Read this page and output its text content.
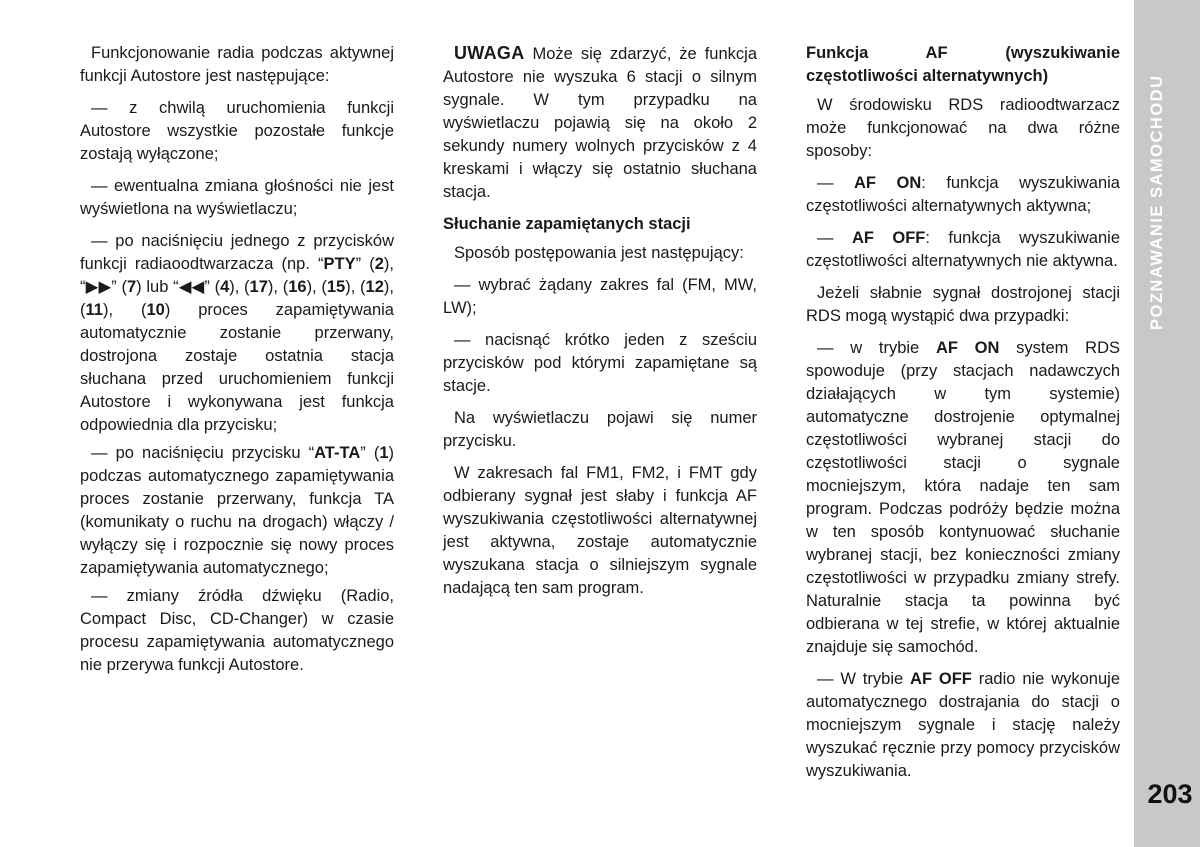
203

Funkcjonowanie radia podczas aktywnej funkcji Autostore jest następujące:

— z chwilą uruchomienia funkcji Autostore wszystkie pozostałe funkcje zostają wyłączone;

— ewentualna zmiana głośności nie jest wyświetlona na wyświetlaczu;

— po naciśnięciu jednego z przycisków funkcji radiaoodtwarzacza (np. “PTY” (2), “▶▶” (7) lub “◀◀” (4), (17), (16), (15), (12), (11), (10) proces zapamiętywania automatycznie zostanie przerwany, dostrojona zostaje ostatnia stacja słuchana przed uruchomieniem funkcji Autostore i wykonywana jest funkcja odpowiednia dla przycisku;

— po naciśnięciu przycisku “AT-TA” (1) podczas automatycznego zapamiętywania proces zostanie przerwany, funkcja TA (komunikaty o ruchu na drogach) włączy / wyłączy się i rozpocznie się nowy proces zapamiętywania automatycznego;

— zmiany źródła dźwięku (Radio, Compact Disc, CD-Changer) w czasie procesu zapamiętywania automatycznego nie przerywa funkcji Autostore.

UWAGA Może się zdarzyć, że funkcja Autostore nie wyszuka 6 stacji o silnym sygnale. W tym przypadku na wyświetlaczu pojawią się na około 2 sekundy numery wolnych przycisków z 4 kreskami i włączy się ostatnio słuchana stacja.

Słuchanie zapamiętanych stacji

Sposób postępowania jest następujący:

— wybrać żądany zakres fal (FM, MW, LW);

— nacisnąć krótko jeden z sześciu przycisków pod którymi zapamiętane są stacje.

Na wyświetlaczu pojawi się numer przycisku.

W zakresach fal FM1, FM2, i FMT gdy odbierany sygnał jest słaby i funkcja AF wyszukiwania częstotliwości alternatywnej jest aktywna, zostaje automatycznie wyszukana stacja o silniejszym sygnale nadającą ten sam program.

Funkcja AF (wyszukiwanie częstotliwości alternatywnych)

W środowisku RDS radioodtwarzacz może funkcjonować na dwa różne sposoby:

— AF ON: funkcja wyszukiwania częstotliwości alternatywnych aktywna;

— AF OFF: funkcja wyszukiwanie częstotliwości alternatywnych nie aktywna.

Jeżeli słabnie sygnał dostrojonej stacji RDS mogą wystąpić dwa przypadki:

— w trybie AF ON system RDS spowoduje (przy stacjach nadawczych działających w tym systemie) automatyczne dostrojenie optymalnej częstotliwości wybranej stacji do częstotliwości stacji o sygnale mocniejszym, która nadaje ten sam program. Podczas podróży będzie można w ten sposób kontynuować słuchanie wybranej stacji, bez konieczności zmiany częstotliwości w przypadku zmiany strefy. Naturalnie stacja ta powinna być odbierana w tej strefie, w której aktualnie znajduje się samochód.

— W trybie AF OFF radio nie wykonuje automatycznego dostrajania do stacji o mocniejszym sygnale i stację należy wyszukać ręcznie przy pomocy przycisków wyszukiwania.
